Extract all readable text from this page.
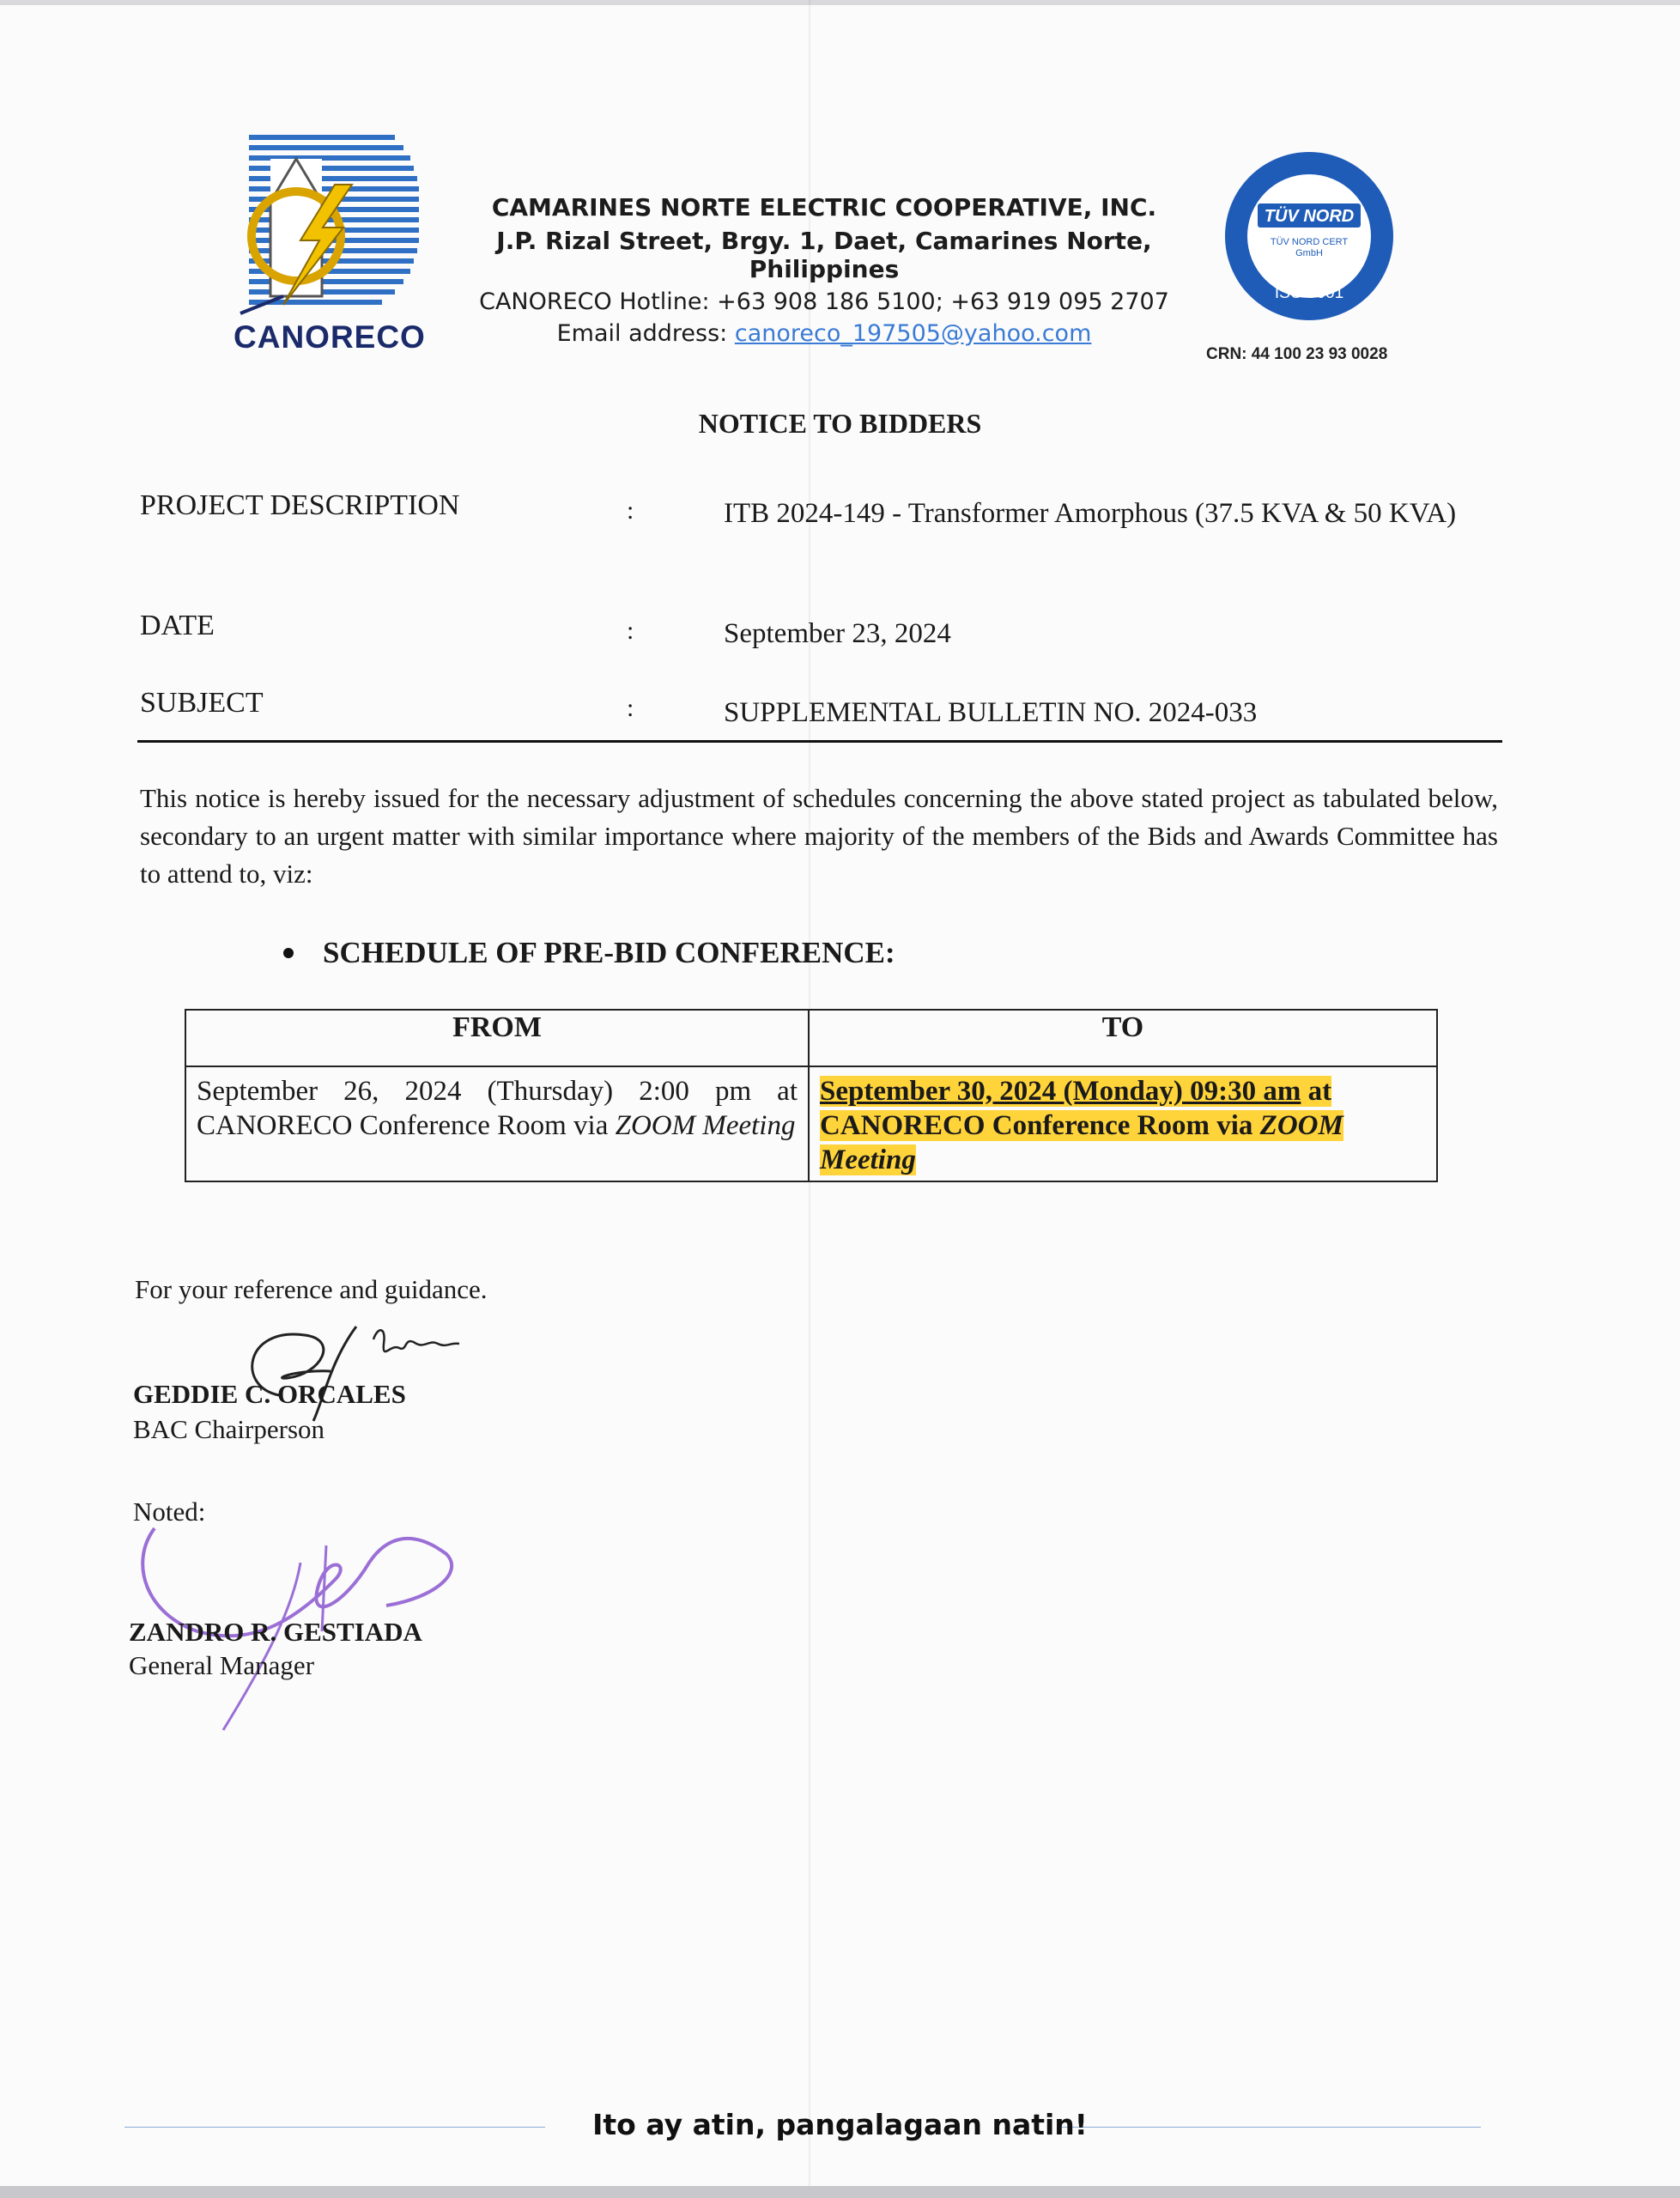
CANORECO
CAMARINES NORTE ELECTRIC COOPERATIVE, INC.
J.P. Rizal Street, Brgy. 1, Daet, Camarines Norte, Philippines
CANORECO Hotline: +63 908 186 5100; +63 919 095 2707
Email address: canoreco_197505@yahoo.com
TÜV NORD
TÜV NORD CERT
GmbH
ISO 9001
CRN: 44 100 23 93 0028
NOTICE TO BIDDERS
PROJECT DESCRIPTION	:	ITB 2024-149 - Transformer Amorphous (37.5 KVA & 50 KVA)
DATE	:	September 23, 2024
SUBJECT	:	SUPPLEMENTAL BULLETIN NO. 2024-033
This notice is hereby issued for the necessary adjustment of schedules concerning the above stated project as tabulated below, secondary to an urgent matter with similar importance where majority of the members of the Bids and Awards Committee has to attend to, viz:
SCHEDULE OF PRE-BID CONFERENCE:
FROM	TO
September 26, 2024 (Thursday) 2:00 pm at CANORECO Conference Room via ZOOM Meeting	September 30, 2024 (Monday) 09:30 am at CANORECO Conference Room via ZOOM Meeting
For your reference and guidance.
GEDDIE C. ORCALES
BAC Chairperson
Noted:
ZANDRO R. GESTIADA
General Manager
Ito ay atin, pangalagaan natin!
